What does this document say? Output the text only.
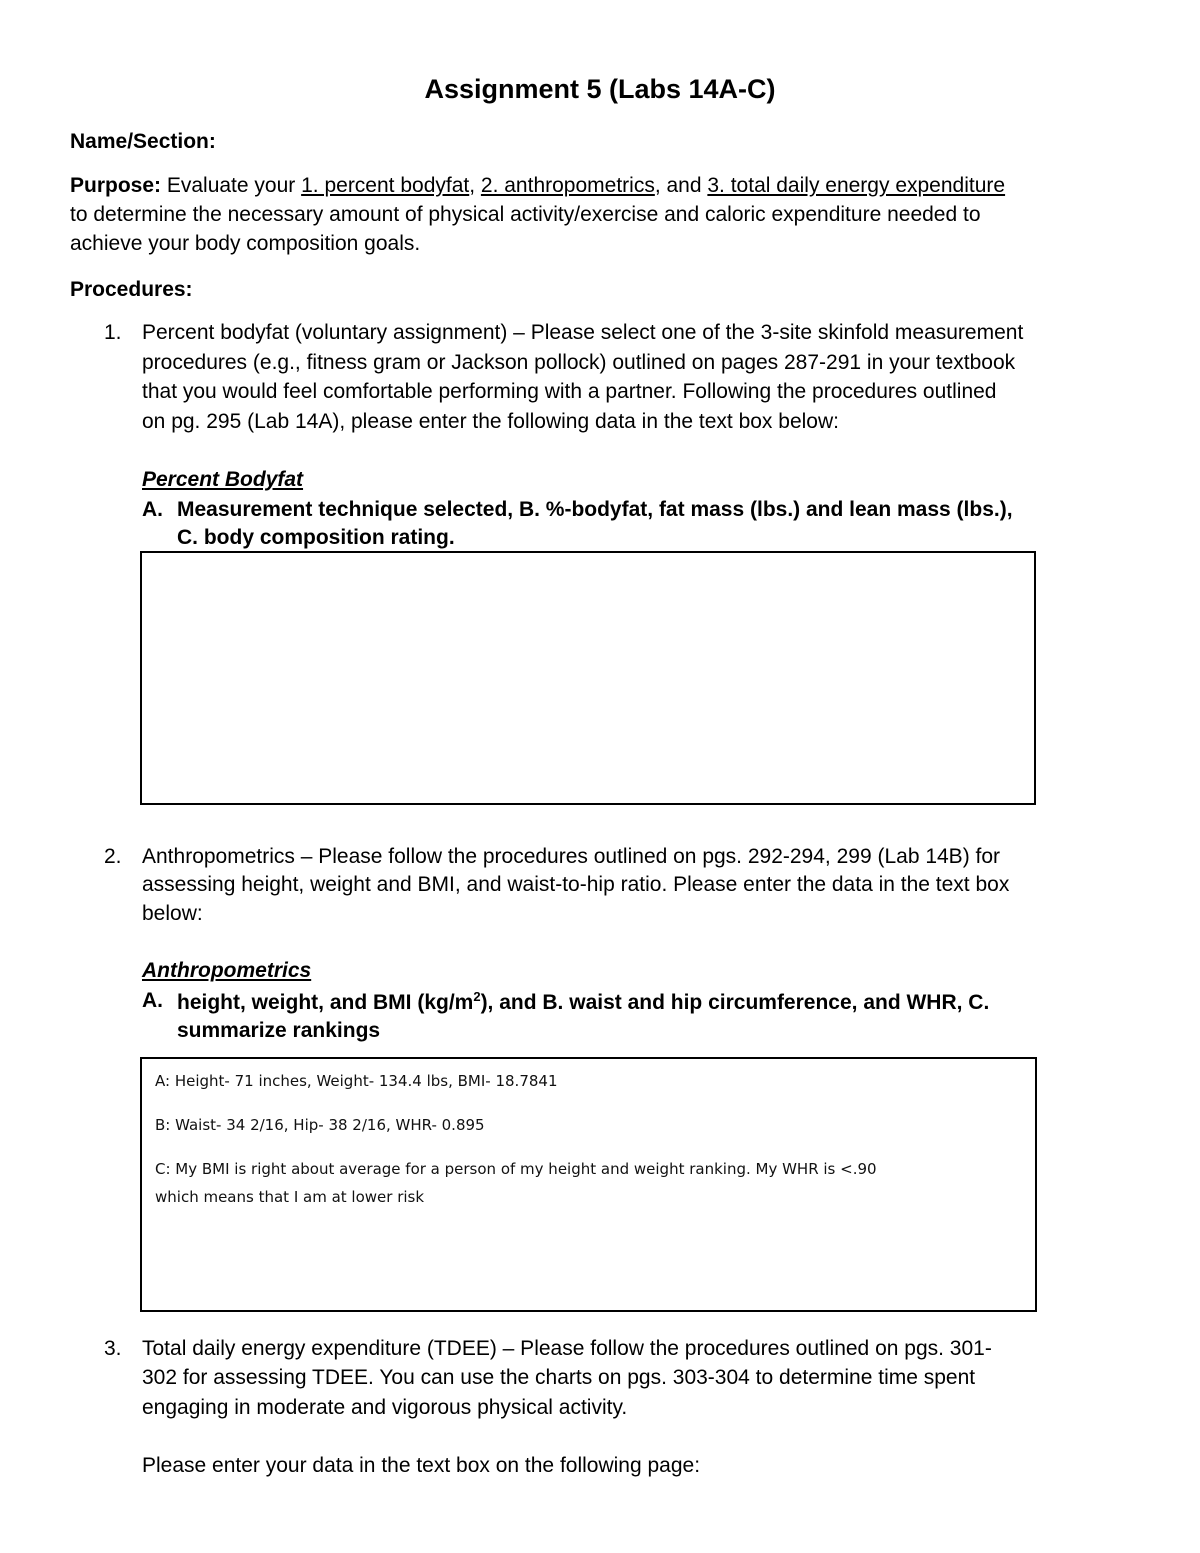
Assignment 5 (Labs 14A-C)
Name/Section:
Purpose: Evaluate your 1. percent bodyfat, 2. anthropometrics, and 3. total daily energy expenditure
to determine the necessary amount of physical activity/exercise and caloric expenditure needed to
achieve your body composition goals.
Procedures:
1. Percent bodyfat (voluntary assignment) – Please select one of the 3-site skinfold measurement
procedures (e.g., fitness gram or Jackson pollock) outlined on pages 287-291 in your textbook
that you would feel comfortable performing with a partner. Following the procedures outlined
on pg. 295 (Lab 14A), please enter the following data in the text box below:
Percent Bodyfat
A. Measurement technique selected, B. %-bodyfat, fat mass (lbs.) and lean mass (lbs.),
C. body composition rating.
2. Anthropometrics – Please follow the procedures outlined on pgs. 292-294, 299 (Lab 14B) for
assessing height, weight and BMI, and waist-to-hip ratio. Please enter the data in the text box
below:
Anthropometrics
A. height, weight, and BMI $(kg/m^2)$, and B. waist and hip circumference, and WHR, C.
summarize rankings
A: Height- 71 inches, Weight- 134.4 lbs, BMI- 18.7841
B: Waist- 34 2/16, Hip- 38 2/16, WHR- 0.895
C: My BMI is right about average for a person of my height and weight ranking. My WHR is <.90
which means that I am at lower risk
3. Total daily energy expenditure (TDEE) – Please follow the procedures outlined on pgs. 301-
302 for assessing TDEE. You can use the charts on pgs. 303-304 to determine time spent
engaging in moderate and vigorous physical activity.
Please enter your data in the text box on the following page:
